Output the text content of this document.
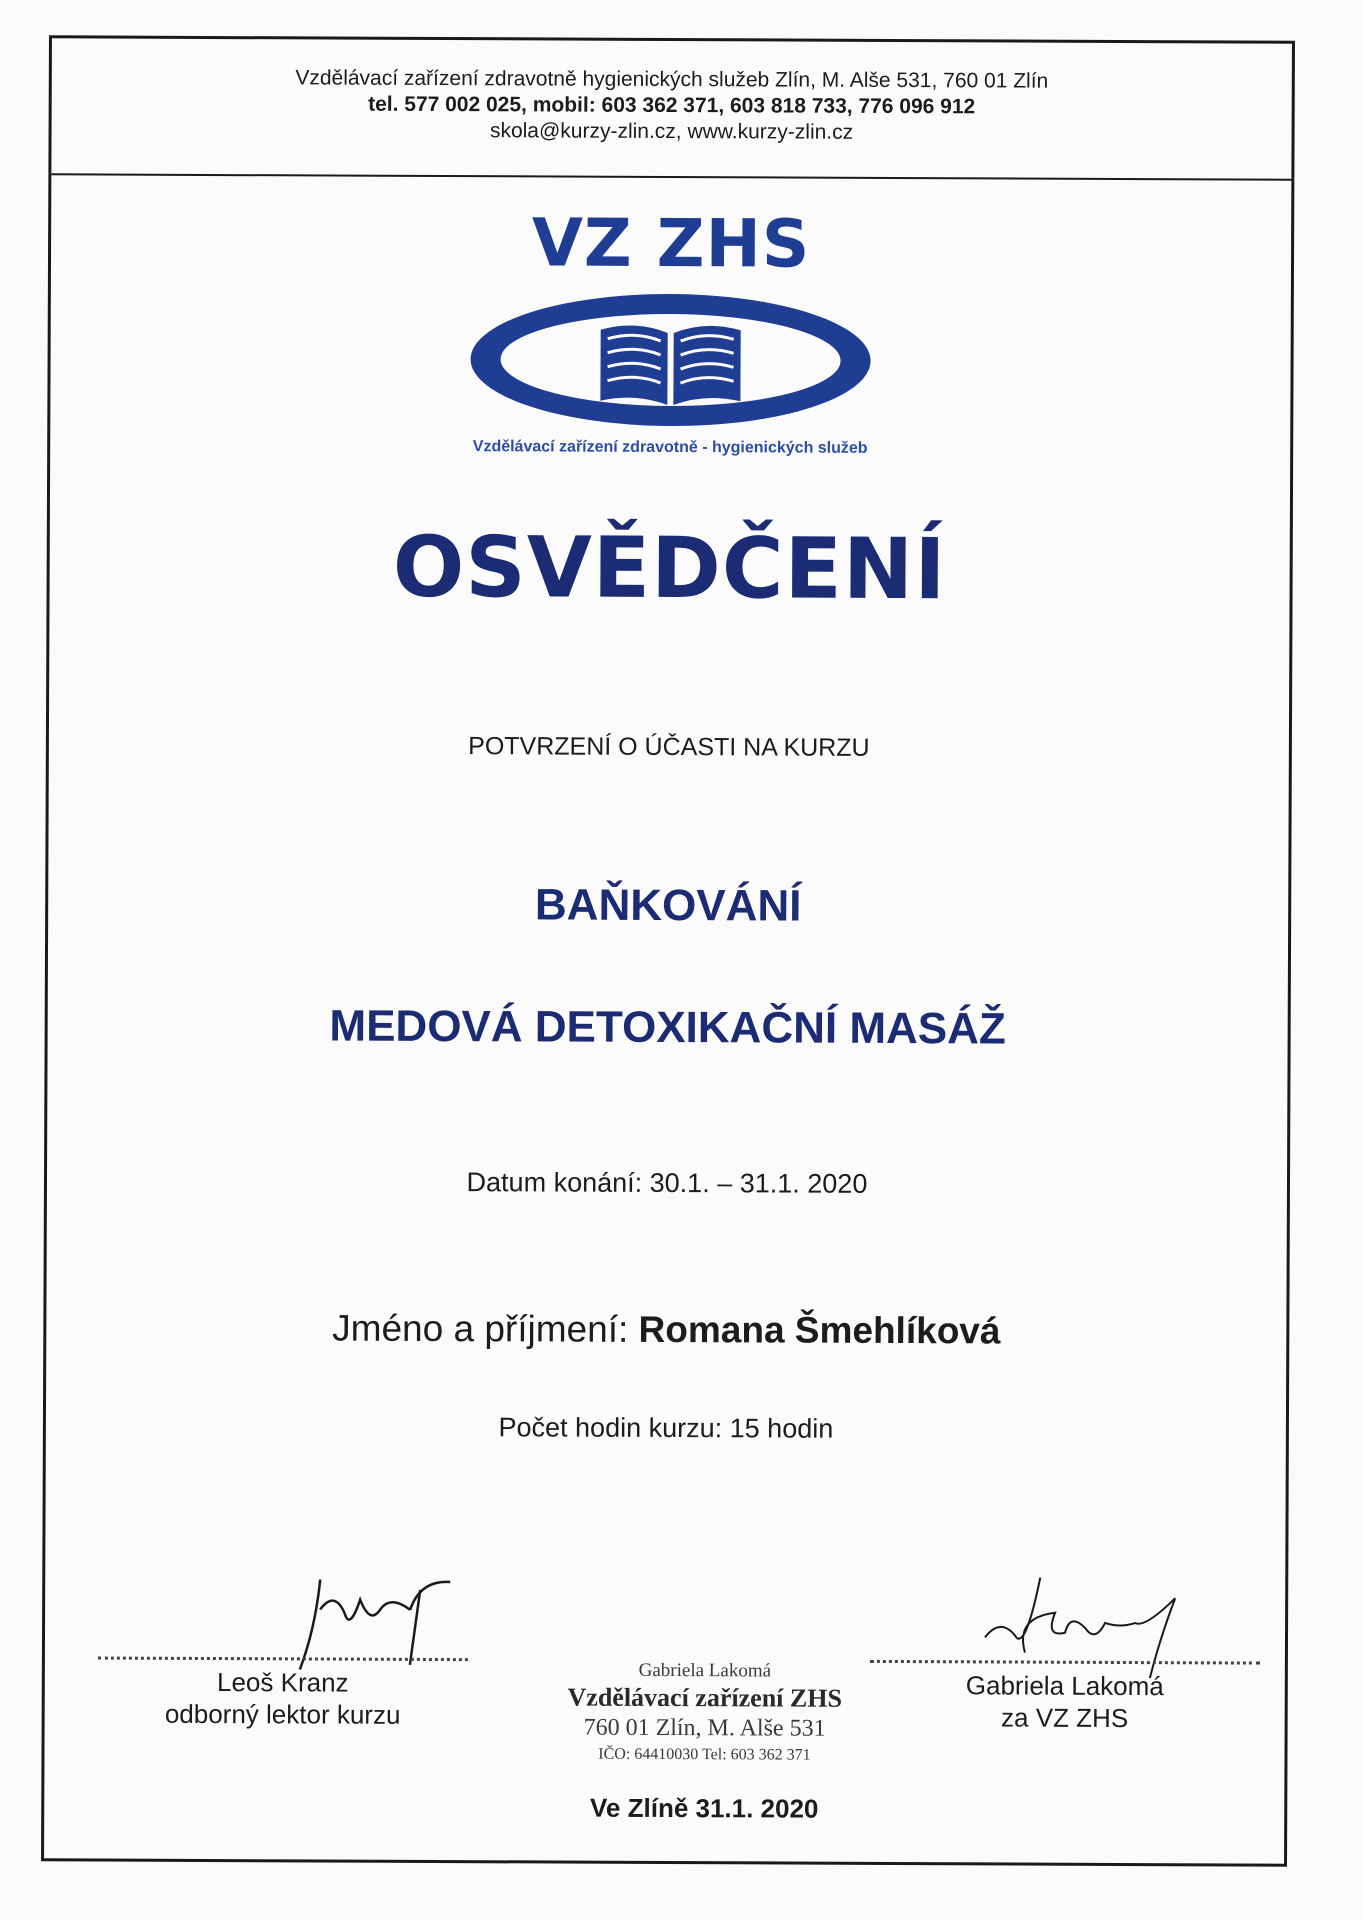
Vzdělávací zařízení zdravotně hygienických služeb Zlín, M. Alše 531, 760 01 Zlín
tel. 577 002 025, mobil: 603 362 371, 603 818 733, 776 096 912
skola@kurzy-zlin.cz, www.kurzy-zlin.cz
VZ ZHS
Vzdělávací zařízení zdravotně - hygienických služeb
OSVĚDČENÍ
POTVRZENÍ O ÚČASTI NA KURZU
BAŇKOVÁNÍ
MEDOVÁ DETOXIKAČNÍ MASÁŽ
Datum konání: 30.1. – 31.1. 2020
Jméno a příjmení: Romana Šmehlíková
Počet hodin kurzu: 15 hodin
Leoš Kranz
odborný lektor kurzu
Gabriela Lakomá
za VZ ZHS
Gabriela Lakomá
Vzdělávací zařízení ZHS
760 01 Zlín, M. Alše 531
IČO: 64410030 Tel: 603 362 371
Ve Zlíně 31.1. 2020
